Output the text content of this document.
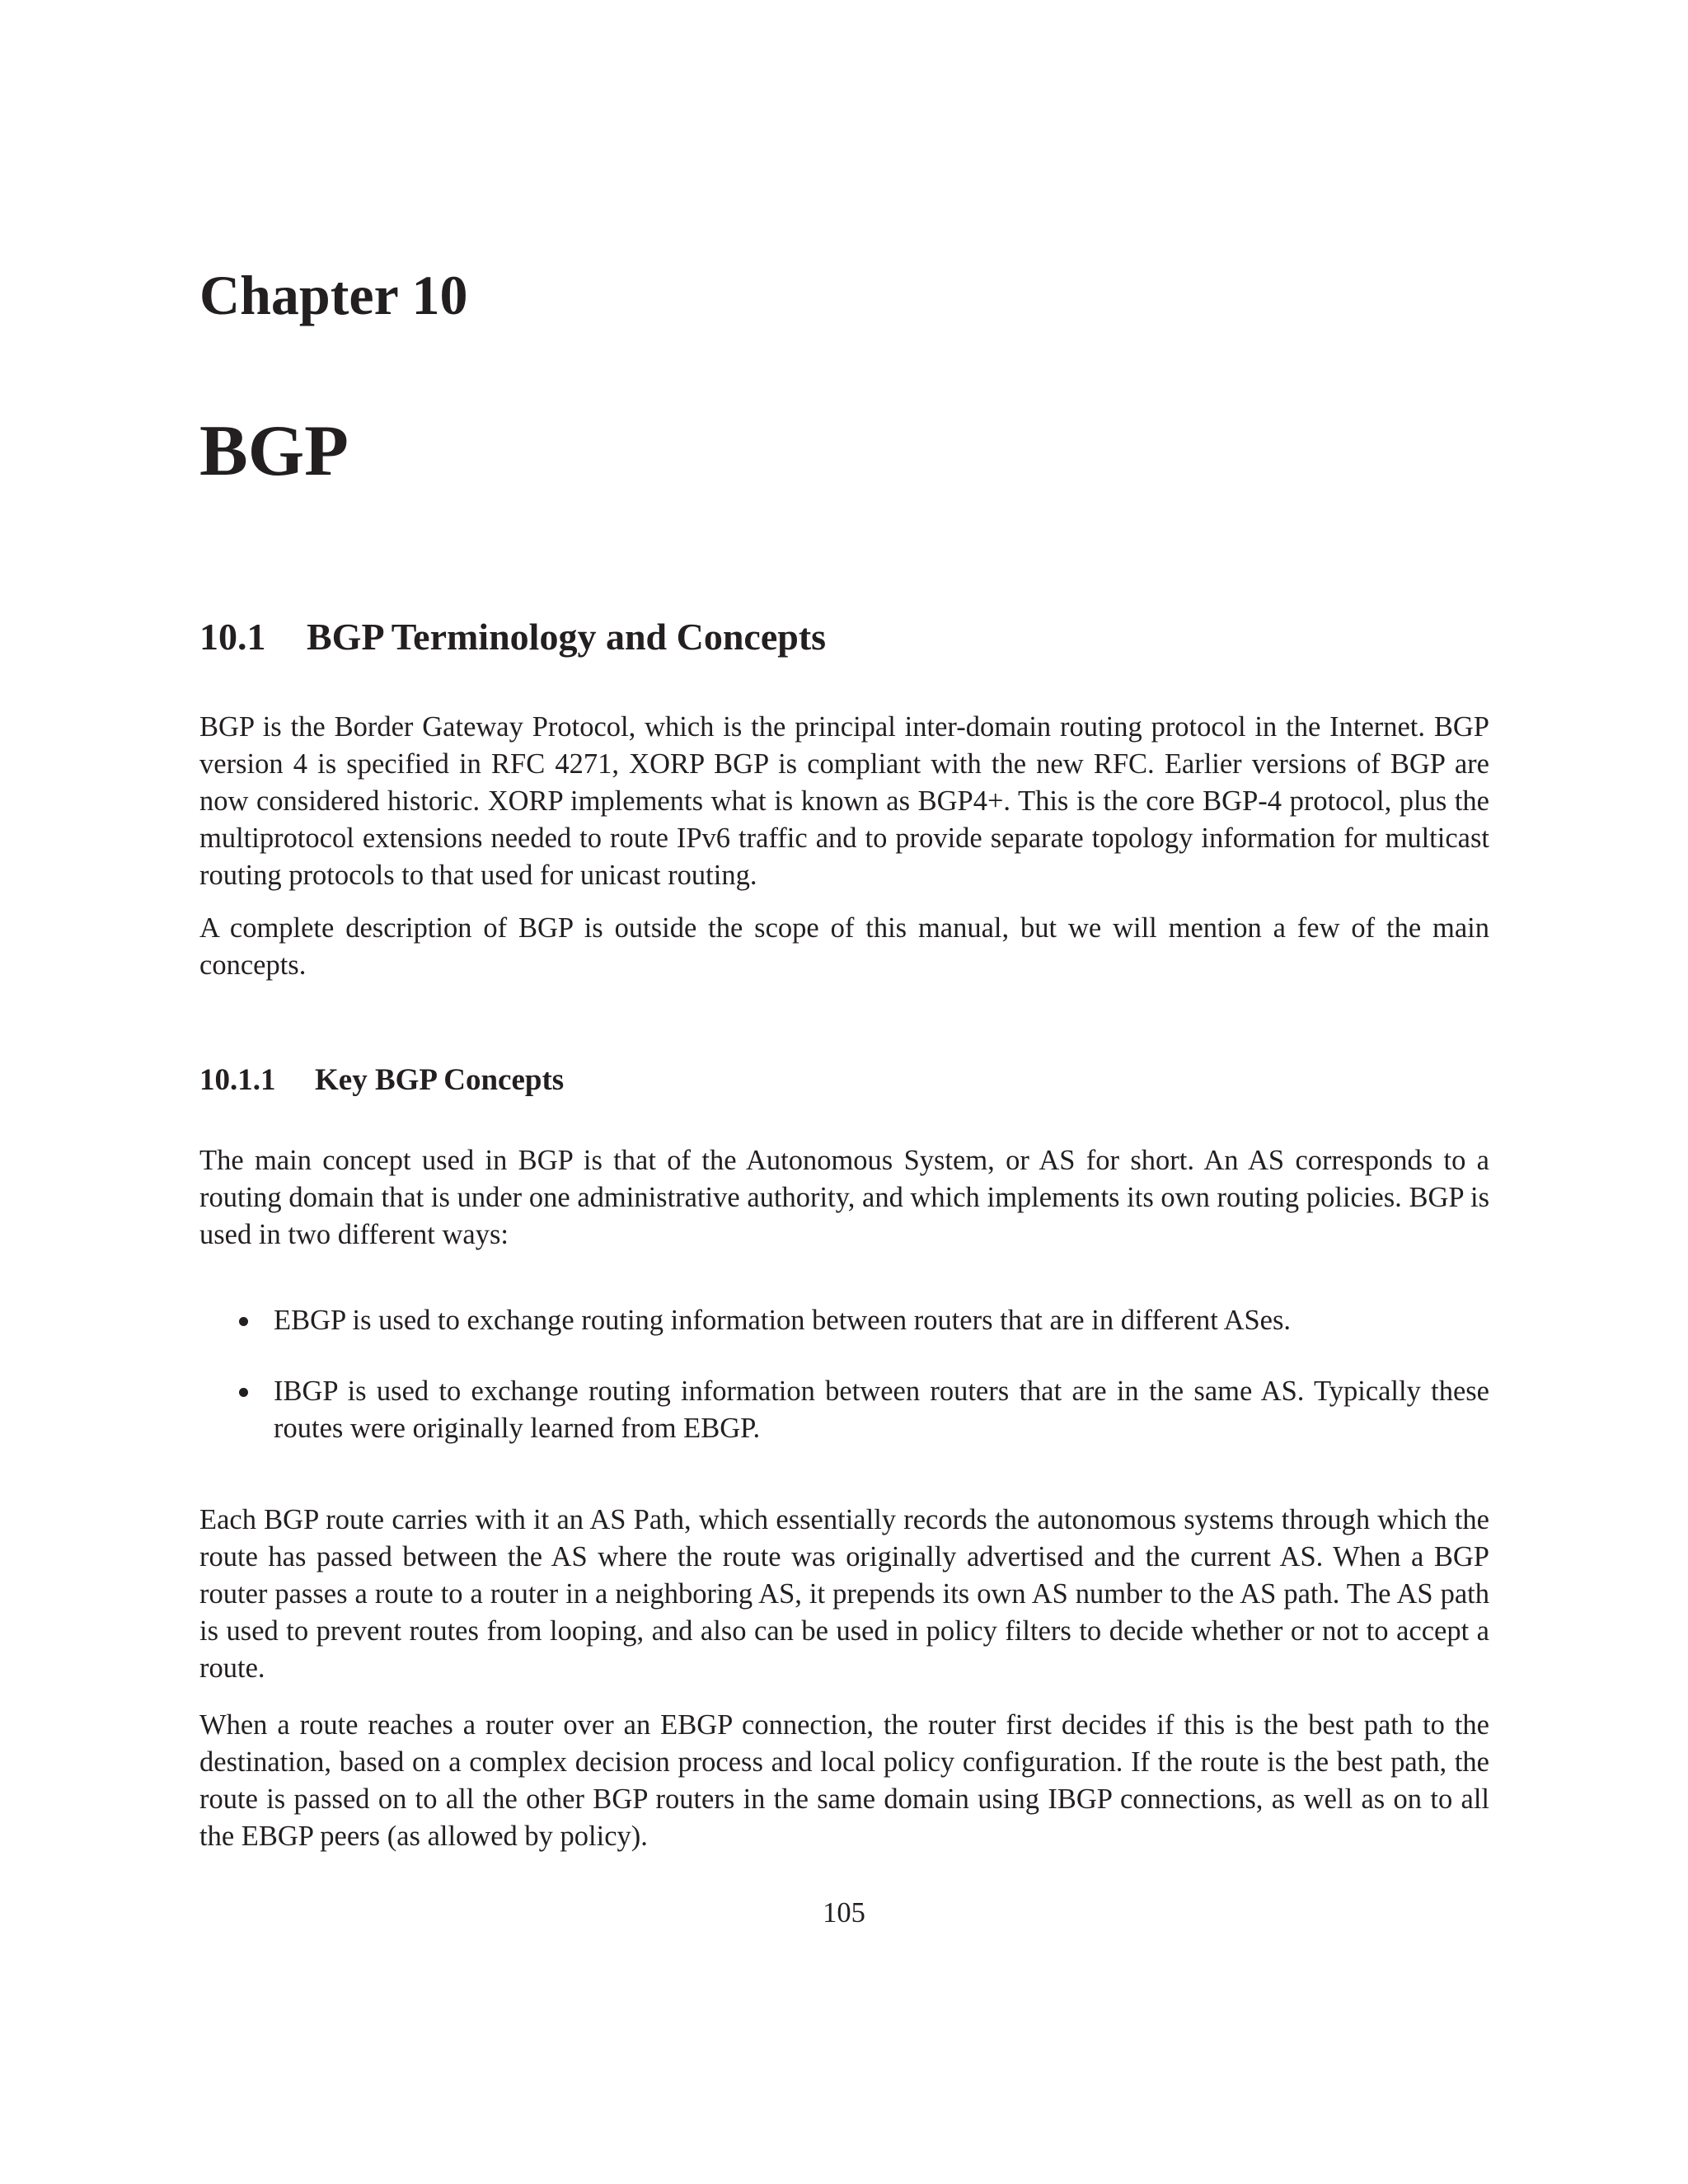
Chapter 10
BGP
10.1 BGP Terminology and Concepts

BGP is the Border Gateway Protocol, which is the principal inter-domain routing protocol in the Internet. BGP version 4 is specified in RFC 4271, XORP BGP is compliant with the new RFC. Earlier versions of BGP are now considered historic. XORP implements what is known as BGP4+. This is the core BGP-4 protocol, plus the multiprotocol extensions needed to route IPv6 traffic and to provide separate topology information for multicast routing protocols to that used for unicast routing.

A complete description of BGP is outside the scope of this manual, but we will mention a few of the main concepts.

10.1.1 Key BGP Concepts

The main concept used in BGP is that of the Autonomous System, or AS for short. An AS corresponds to a routing domain that is under one administrative authority, and which implements its own routing policies. BGP is used in two different ways:

EBGP is used to exchange routing information between routers that are in different ASes.
IBGP is used to exchange routing information between routers that are in the same AS. Typically these routes were originally learned from EBGP.

Each BGP route carries with it an AS Path, which essentially records the autonomous systems through which the route has passed between the AS where the route was originally advertised and the current AS. When a BGP router passes a route to a router in a neighboring AS, it prepends its own AS number to the AS path. The AS path is used to prevent routes from looping, and also can be used in policy filters to decide whether or not to accept a route.

When a route reaches a router over an EBGP connection, the router first decides if this is the best path to the destination, based on a complex decision process and local policy configuration. If the route is the best path, the route is passed on to all the other BGP routers in the same domain using IBGP connections, as well as on to all the EBGP peers (as allowed by policy).

105
